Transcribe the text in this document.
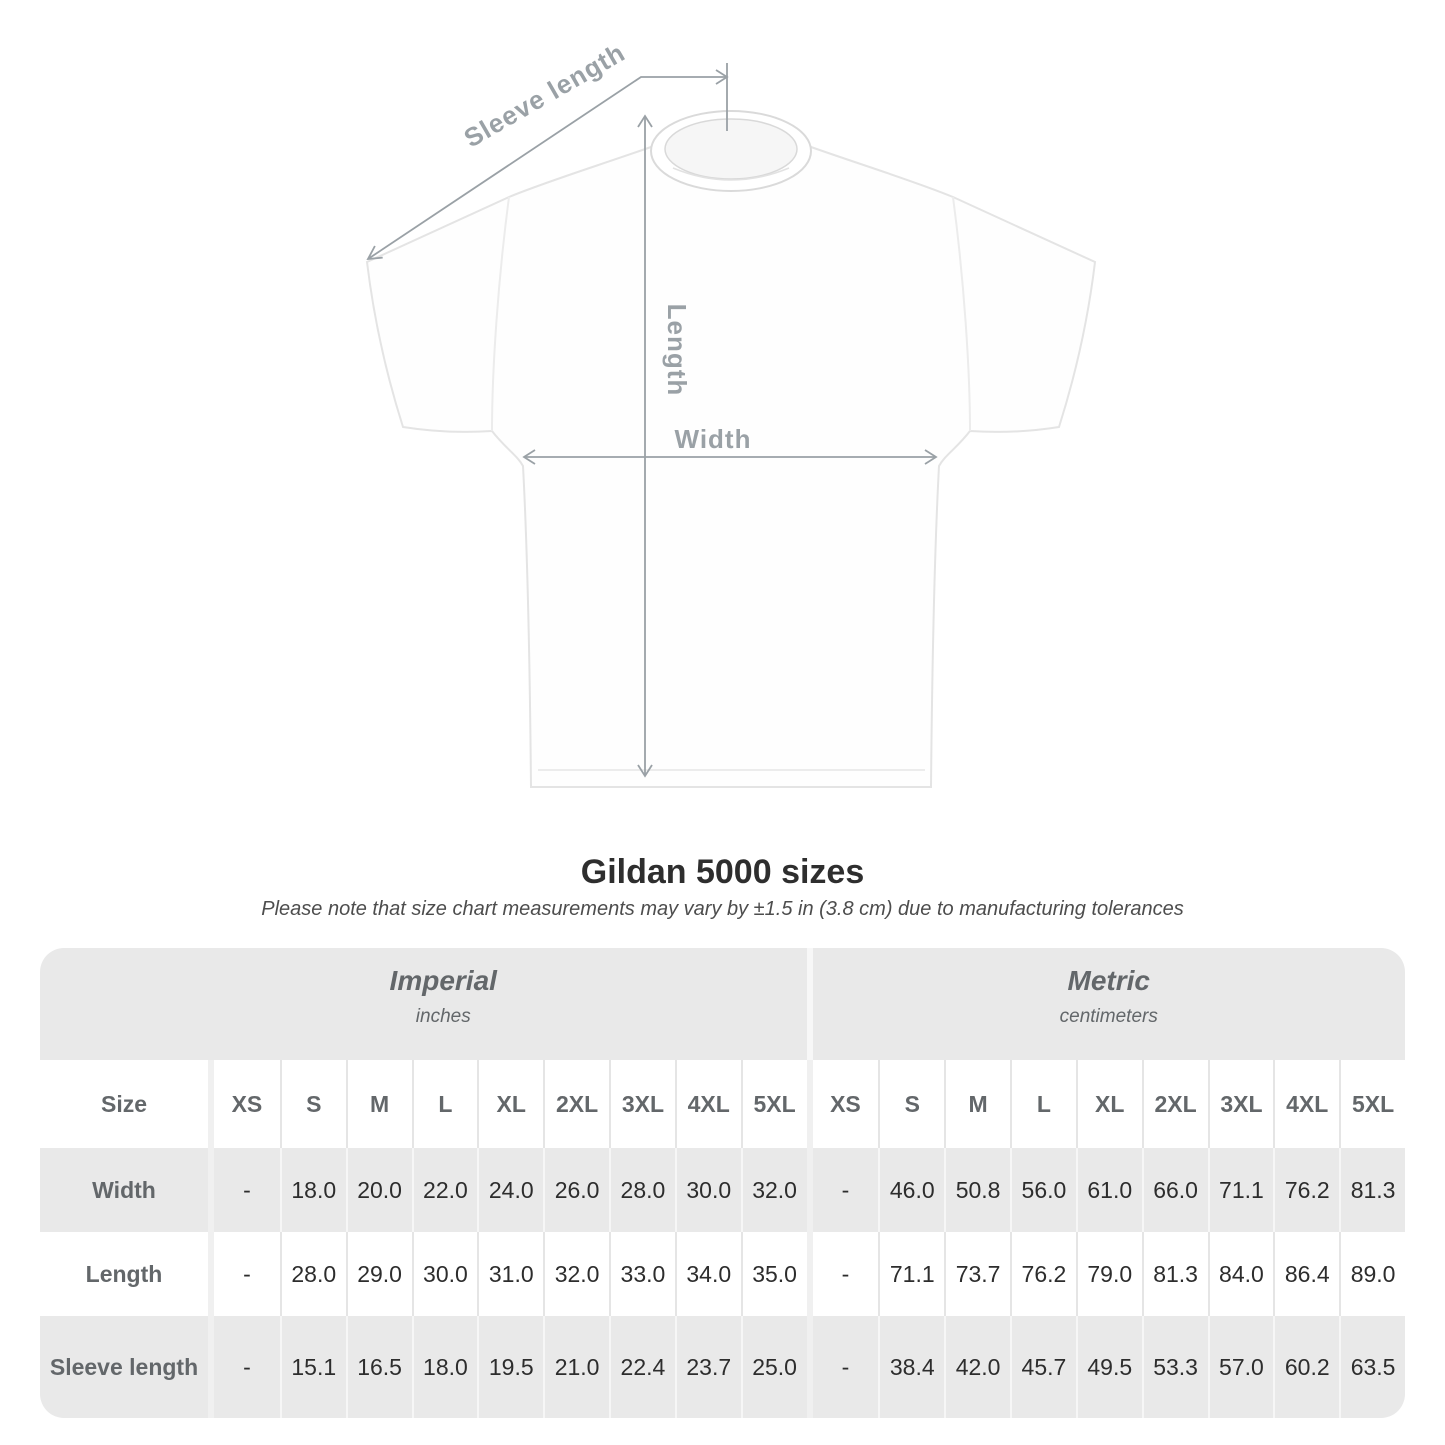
Sleeve length
Length
Width
Gildan 5000 sizes

Please note that size chart measurements may vary by ±1.5 in (3.8 cm) due to manufacturing tolerances

Imperial
inches
Metric
centimeters
Size	XS S M L XL 2XL 3XL 4XL 5XL XS S M L XL 2XL 3XL 4XL 5XL
Width	- 18.0 20.0 22.0 24.0 26.0 28.0 30.0 32.0 - 46.0 50.8 56.0 61.0 66.0 71.1 76.2 81.3
Length	- 28.0 29.0 30.0 31.0 32.0 33.0 34.0 35.0 - 71.1 73.7 76.2 79.0 81.3 84.0 86.4 89.0
Sleeve length - 15.1 16.5 18.0 19.5 21.0 22.4 23.7 25.0 - 38.4 42.0 45.7 49.5 53.3 57.0 60.2 63.5
